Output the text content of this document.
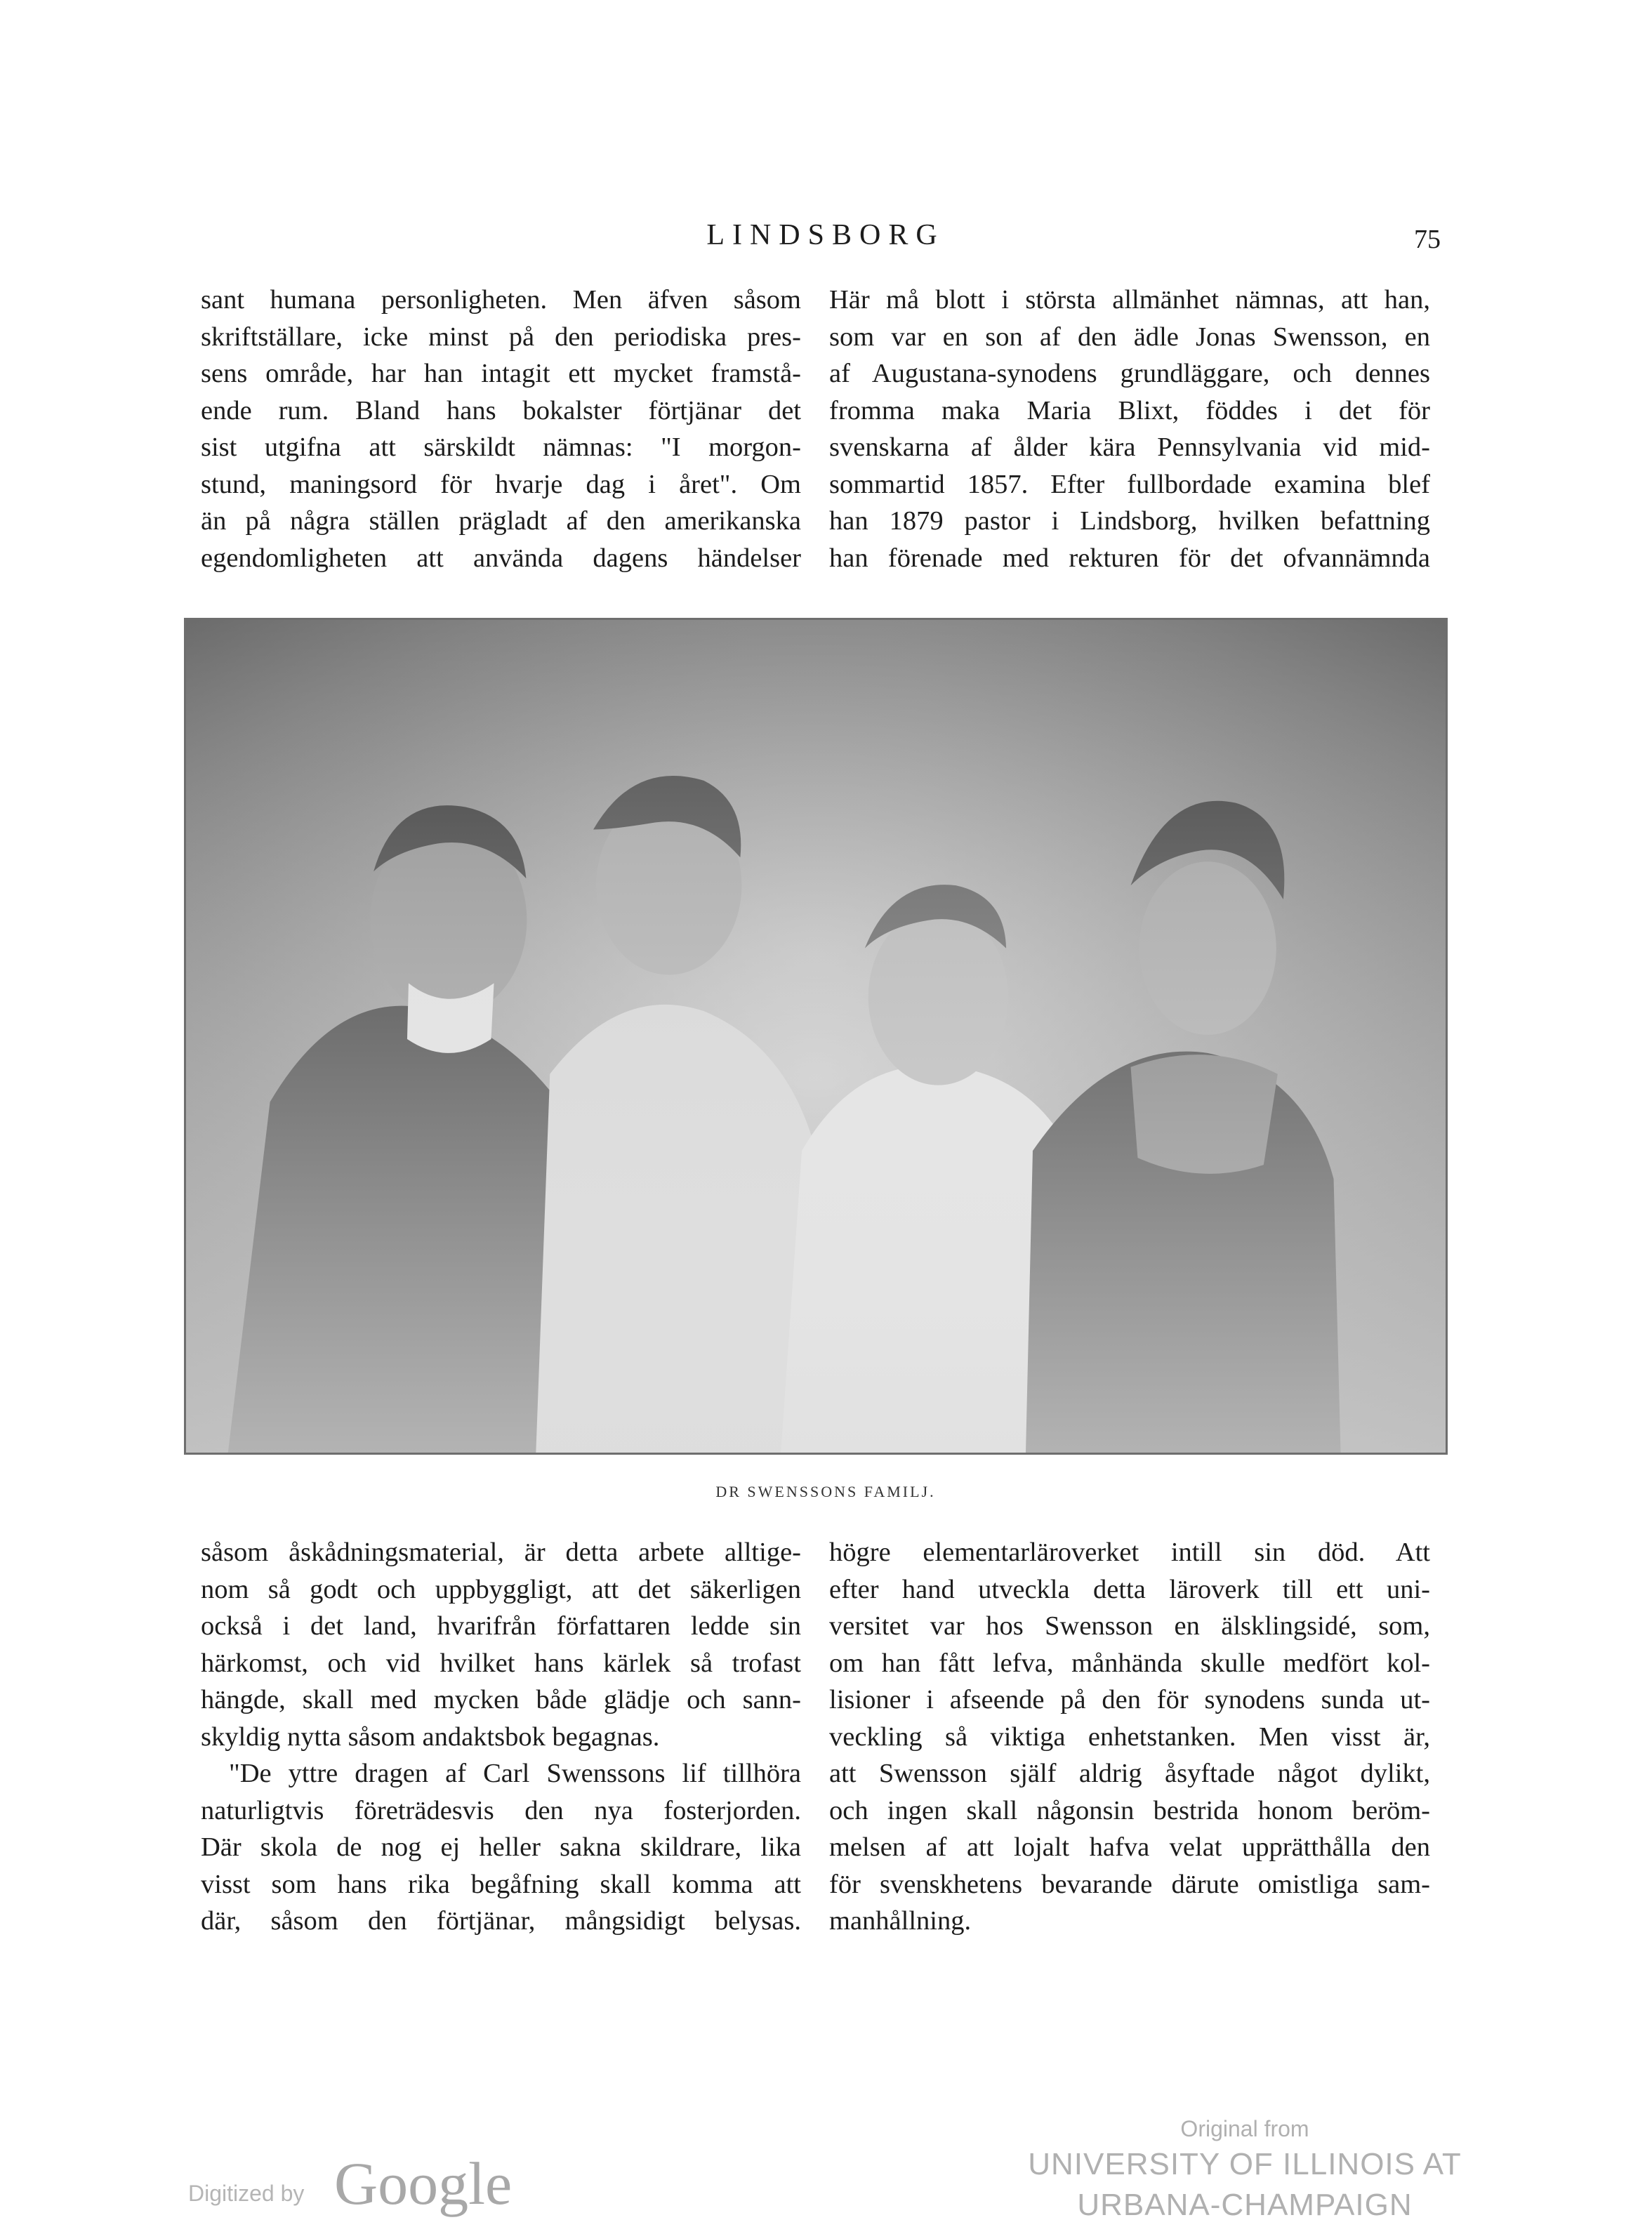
LINDSBORG	75

sant humana personligheten. Men äfven såsom
skriftställare, icke minst på den periodiska pres-
sens område, har han intagit ett mycket framstå-
ende rum. Bland hans bokalster förtjänar det
sist utgifna att särskildt nämnas: "I morgon-
stund, maningsord för hvarje dag i året". Om
än på några ställen prägladt af den amerikanska
egendomligheten att använda dagens händelser

Här må blott i största allmänhet nämnas, att han,
som var en son af den ädle Jonas Swensson, en
af Augustana-synodens grundläggare, och dennes
fromma maka Maria Blixt, föddes i det för
svenskarna af ålder kära Pennsylvania vid mid-
sommartid 1857. Efter fullbordade examina blef
han 1879 pastor i Lindsborg, hvilken befattning
han förenade med rekturen för det ofvannämnda

DR SWENSSONS FAMILJ.

såsom åskådningsmaterial, är detta arbete alltige-
nom så godt och uppbyggligt, att det säkerligen
också i det land, hvarifrån författaren ledde sin
härkomst, och vid hvilket hans kärlek så trofast
hängde, skall med mycken både glädje och sann-
skyldig nytta såsom andaktsbok begagnas.

"De yttre dragen af Carl Swenssons lif tillhöra
naturligtvis företrädesvis den nya fosterjorden.
Där skola de nog ej heller sakna skildrare, lika
visst som hans rika begåfning skall komma att
där, såsom den förtjänar, mångsidigt belysas.

högre elementarläroverket intill sin död. Att
efter hand utveckla detta läroverk till ett uni-
versitet var hos Swensson en älsklingsidé, som,
om han fått lefva, månhända skulle medfört kol-
lisioner i afseende på den för synodens sunda ut-
veckling så viktiga enhetstanken. Men visst är,
att Swensson själf aldrig åsyftade något dylikt,
och ingen skall någonsin bestrida honom beröm-
melsen af att lojalt hafva velat upprätthålla den
för svenskhetens bevarande därute omistliga sam-
manhållning.

Digitized by Google
Original from
UNIVERSITY OF ILLINOIS AT
URBANA-CHAMPAIGN
